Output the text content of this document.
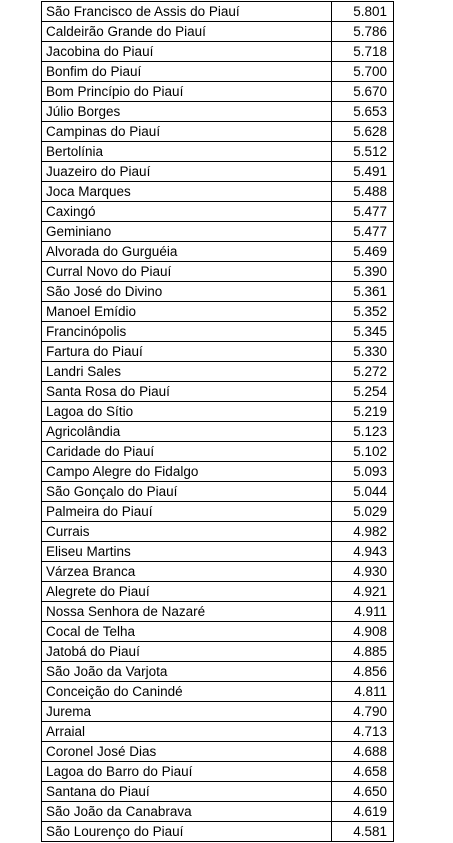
São Francisco de Assis do Piauí	5.801
Caldeirão Grande do Piauí	5.786
Jacobina do Piauí	5.718
Bonfim do Piauí	5.700
Bom Princípio do Piauí	5.670
Júlio Borges	5.653
Campinas do Piauí	5.628
Bertolínia	5.512
Juazeiro do Piauí	5.491
Joca Marques	5.488
Caxingó	5.477
Geminiano	5.477
Alvorada do Gurguéia	5.469
Curral Novo do Piauí	5.390
São José do Divino	5.361
Manoel Emídio	5.352
Francinópolis	5.345
Fartura do Piauí	5.330
Landri Sales	5.272
Santa Rosa do Piauí	5.254
Lagoa do Sítio	5.219
Agricolândia	5.123
Caridade do Piauí	5.102
Campo Alegre do Fidalgo	5.093
São Gonçalo do Piauí	5.044
Palmeira do Piauí	5.029
Currais	4.982
Eliseu Martins	4.943
Várzea Branca	4.930
Alegrete do Piauí	4.921
Nossa Senhora de Nazaré	4.911
Cocal de Telha	4.908
Jatobá do Piauí	4.885
São João da Varjota	4.856
Conceição do Canindé	4.811
Jurema	4.790
Arraial	4.713
Coronel José Dias	4.688
Lagoa do Barro do Piauí	4.658
Santana do Piauí	4.650
São João da Canabrava	4.619
São Lourenço do Piauí	4.581
